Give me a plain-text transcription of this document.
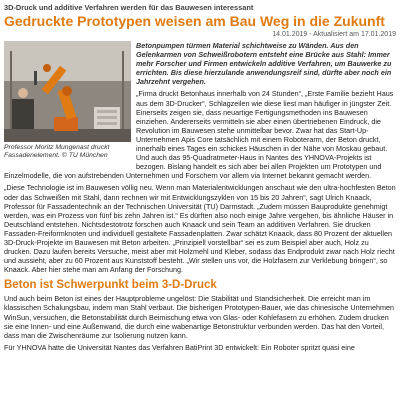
3D-Druck und additive Verfahren werden für das Bauwesen interessant
Gedruckte Prototypen weisen am Bau Weg in die Zukunft
14.01.2019 - Aktualisiert am 17.01.2019
Professor Moritz Mungenast druckt Fassadenelement. © TU München

Betonpumpen türmen Material schichtweise zu Wänden. Aus den Gelenkarmen von Schweißrobotern entsteht eine Brücke aus Stahl: Immer mehr Forscher und Firmen entwickeln additive Verfahren, um Bauwerke zu errichten. Bis diese hierzulande anwendungsreif sind, dürfte aber noch ein Jahrzehnt vergehen.

„Firma druckt Betonhaus innerhalb von 24 Stunden“, „Erste Familie bezieht Haus aus dem 3D-Drucker“, Schlagzeilen wie diese liest man häufiger in jüngster Zeit. Einerseits zeigen sie, dass neuartige Fertigungsmethoden ins Bauwesen einziehen. Andererseits vermitteln sie aber einen übertriebenen Eindruck, die Revolution im Bauwesen stehe unmittelbar bevor. Zwar hat das Start-Up-Unternehmen Apis Core tatsächlich mit einem Roboterarm, der Beton druckt, innerhalb eines Tages ein schickes Häuschen in der Nähe von Moskau gebaut. Und auch das 95-Quadratmeter-Haus in Nantes des YHNOVA-Projekts ist bezogen. Bislang handelt es sich aber bei allen Projekten um Prototypen und Einzelmodelle, die von aufstrebenden Unternehmen und Forschern vor allem via Internet bekannt gemacht werden.

„Diese Technologie ist im Bauwesen völlig neu. Wenn man Materialentwicklungen anschaut wie den ultra-hochfesten Beton oder das Schweißen mit Stahl, dann rechnen wir mit Entwicklungszyklen von 15 bis 20 Jahren“, sagt Ulrich Knaack, Professor für Fassadentechnik an der Technischen Universität (TU) Darmstadt. „Zudem müssen Bauprodukte genehmigt werden, was ein Prozess von fünf bis zehn Jahren ist.“ Es dürften also noch einige Jahre vergehen, bis ähnliche Häuser in Deutschland entstehen. Nichtsdestotrotz forschen auch Knaack und sein Team an additiven Verfahren. Sie drucken Fassaden-Freiformknoten und individuell gestaltete Fassadenplatten. Zwar schätzt Knaack, dass 80 Prozent der aktuellen 3D-Druck-Projekte im Bauwesen mit Beton arbeiten. „Prinzipiell vorstellbar“ sei es zum Beispiel aber auch, Holz zu drucken. Dazu laufen bereits Versuche, meist aber mit Holzmehl und Kleber, sodass das Endprodukt zwar nach Holz riecht und aussieht, aber zu 60 Prozent aus Kunststoff besteht. „Wir stellen uns vor, die Holzfasern zur Verklebung bringen“, so Knaack. Aber hier stehe man am Anfang der Forschung.

Beton ist Schwerpunkt beim 3-D-Druck

Und auch beim Beton ist eines der Hauptprobleme ungelöst: Die Stabilität und Standsicherheit. Die erreicht man im klassischen Schalungsbau, indem man Stahl verbaut. Die bisherigen Prototypen-Bauer, wie das chinesische Unternehmen WinSun, versuchen, die Betonstabilität durch Beimischung etwa von Glas- oder Kohlefasern zu erhöhen. Zudem drucken sie eine Innen- und eine Außenwand, die durch eine wabenartige Betonstruktur verbunden werden. Das hat den Vorteil, dass man die Zwischenräume zur Isolierung nutzen kann.

Für YHNOVA hatte die Universität Nantes das Verfahren BatiPrint 3D entwickelt: Ein Roboter spritzt quasi eine
